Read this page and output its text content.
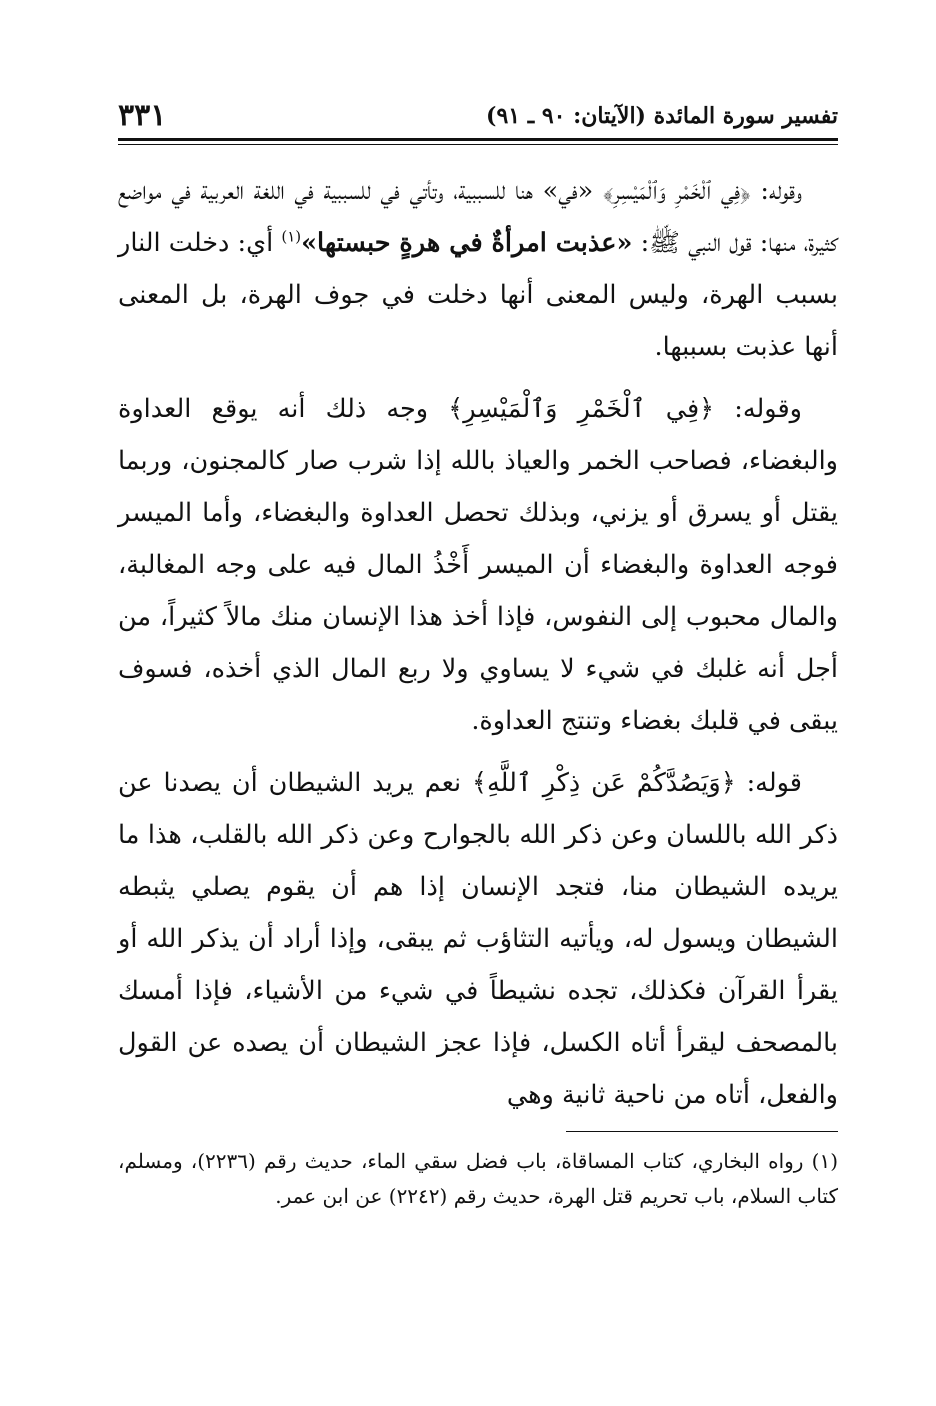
تفسير سورة المائدة (الآيتان: ٩٠ ـ ٩١)
٣٣١

وقوله: ﴿فِي ٱلْخَمْرِ وَٱلْمَيْسِرِ﴾ «في» هنا للسببية، وتأتي في للسببية في اللغة العربية في مواضع كثيرة، منها: قول النبي ﷺ: «عذبت امرأةٌ في هرةٍ حبستها»$^{(١)}$ أي: دخلت النار بسبب الهرة، وليس المعنى أنها دخلت في جوف الهرة، بل المعنى أنها عذبت بسببها.

وقوله: ﴿فِي ٱلْخَمْرِ وَٱلْمَيْسِرِ﴾ وجه ذلك أنه يوقع العداوة والبغضاء، فصاحب الخمر والعياذ بالله إذا شرب صار كالمجنون، وربما يقتل أو يسرق أو يزني، وبذلك تحصل العداوة والبغضاء، وأما الميسر فوجه العداوة والبغضاء أن الميسر أَخْذُ المال فيه على وجه المغالبة، والمال محبوب إلى النفوس، فإذا أخذ هذا الإنسان منك مالاً كثيراً، من أجل أنه غلبك في شيء لا يساوي ولا ربع المال الذي أخذه، فسوف يبقى في قلبك بغضاء وتنتج العداوة.

قوله: ﴿وَيَصُدَّكُمْ عَن ذِكْرِ ٱللَّهِ﴾ نعم يريد الشيطان أن يصدنا عن ذكر الله باللسان وعن ذكر الله بالجوارح وعن ذكر الله بالقلب، هذا ما يريده الشيطان منا، فتجد الإنسان إذا هم أن يقوم يصلي يثبطه الشيطان ويسول له، ويأتيه التثاؤب ثم يبقى، وإذا أراد أن يذكر الله أو يقرأ القرآن فكذلك، تجده نشيطاً في شيء من الأشياء، فإذا أمسك بالمصحف ليقرأ أتاه الكسل، فإذا عجز الشيطان أن يصده عن القول والفعل، أتاه من ناحية ثانية وهي

(١) رواه البخاري، كتاب المساقاة، باب فضل سقي الماء، حديث رقم (٢٢٣٦)، ومسلم، كتاب السلام، باب تحريم قتل الهرة، حديث رقم (٢٢٤٢) عن ابن عمر.
